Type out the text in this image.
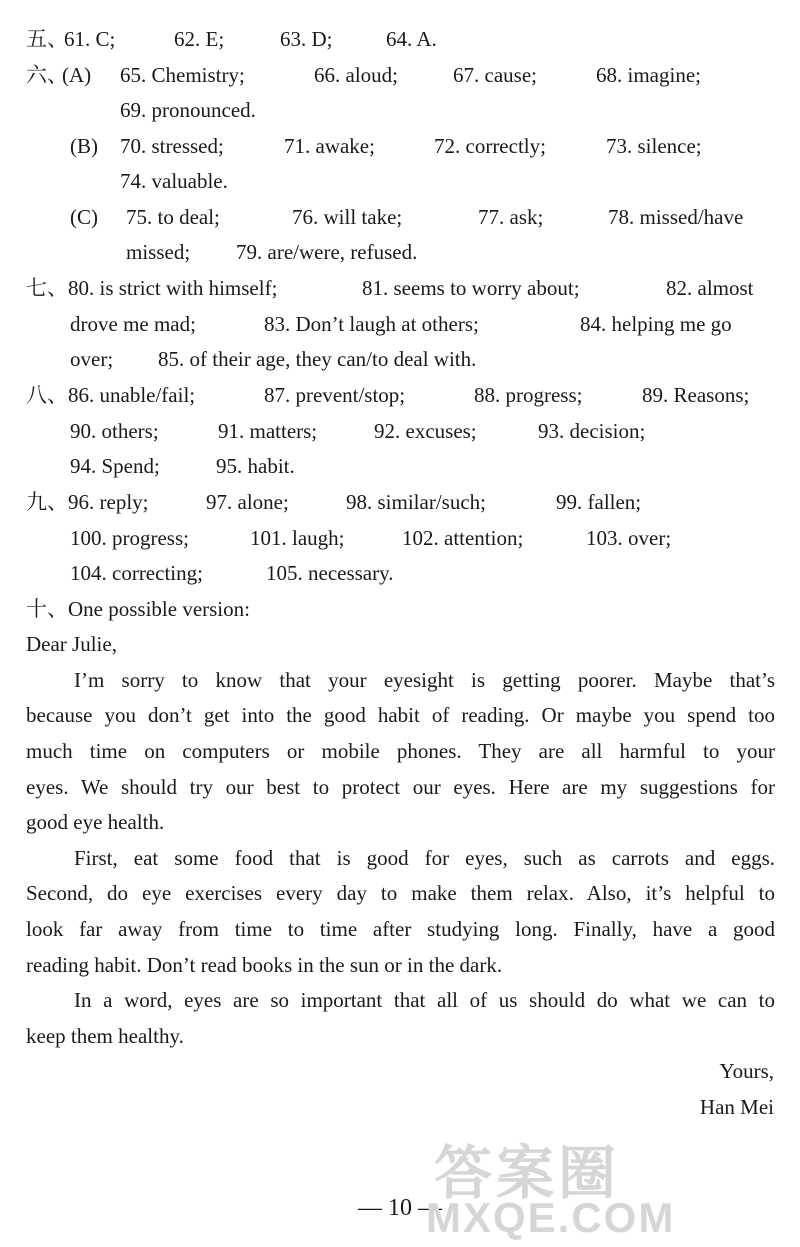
五、
61. C;	62. E;	63. D;	64. A.
六、
(A) 65. Chemistry;	66. aloud;	67. cause;	68. imagine;
69. pronounced.
(B) 70. stressed;	71. awake;	72. correctly;	73. silence;
74. valuable.
(C) 75. to deal;	76. will take;	77. ask;	78. missed/have
missed; 79. are/were, refused.
七、 80. is strict with himself;	81. seems to worry about;	82. almost
drove me mad;	83. Don’t laugh at others;	84. helping me go
over; 85. of their age, they can/to deal with.
八、 86. unable/fail;	87. prevent/stop;	88. progress;	89. Reasons;
90. others;	91. matters;	92. excuses;	93. decision;
94. Spend;	95. habit.
九、 96. reply;	97. alone;	98. similar/such;	99. fallen;
100. progress;	101. laugh;	102. attention;	103. over;
104. correcting;	105. necessary.
十、 One possible version:
Dear Julie,
I’m sorry to know that your eyesight is getting poorer. Maybe that’s
because you don’t get into the good habit of reading. Or maybe you spend too
much time on computers or mobile phones. They are all harmful to your
eyes. We should try our best to protect our eyes. Here are my suggestions for
good eye health.
First, eat some food that is good for eyes, such as carrots and eggs.
Second, do eye exercises every day to make them relax. Also, it’s helpful to
look far away from time to time after studying long. Finally, have a good
reading habit. Don’t read books in the sun or in the dark.
In a word, eyes are so important that all of us should do what we can to
keep them healthy.
Yours,
Han Mei
— 10 —
答案圈
MXQE.COM
